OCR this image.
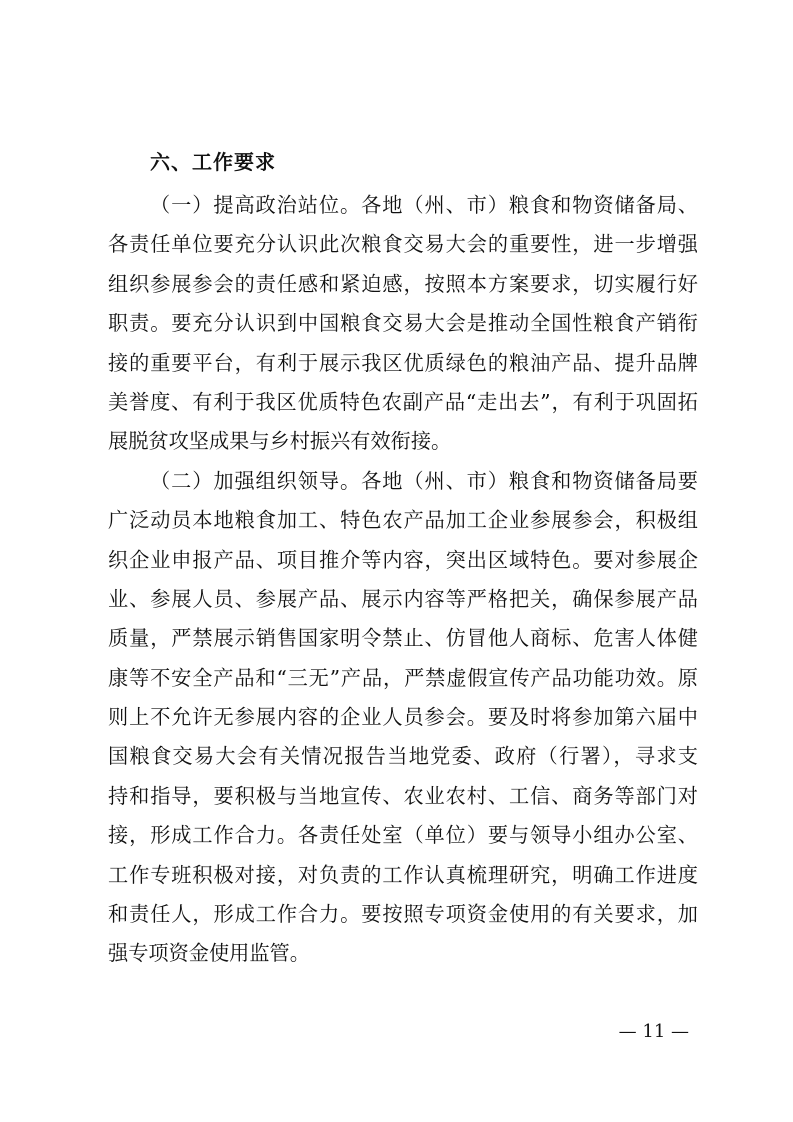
六、工作要求
（一）提高政治站位。各地（州、市）粮食和物资储备局、
各责任单位要充分认识此次粮食交易大会的重要性，进一步增强
组织参展参会的责任感和紧迫感，按照本方案要求，切实履行好
职责。要充分认识到中国粮食交易大会是推动全国性粮食产销衔
接的重要平台，有利于展示我区优质绿色的粮油产品、提升品牌
美誉度、有利于我区优质特色农副产品“走出去”，有利于巩固拓
展脱贫攻坚成果与乡村振兴有效衔接。
（二）加强组织领导。各地（州、市）粮食和物资储备局要
广泛动员本地粮食加工、特色农产品加工企业参展参会，积极组
织企业申报产品、项目推介等内容，突出区域特色。要对参展企
业、参展人员、参展产品、展示内容等严格把关，确保参展产品
质量，严禁展示销售国家明令禁止、仿冒他人商标、危害人体健
康等不安全产品和“三无”产品，严禁虚假宣传产品功能功效。原
则上不允许无参展内容的企业人员参会。要及时将参加第六届中
国粮食交易大会有关情况报告当地党委、政府（行署），寻求支
持和指导，要积极与当地宣传、农业农村、工信、商务等部门对
接，形成工作合力。各责任处室（单位）要与领导小组办公室、
工作专班积极对接，对负责的工作认真梳理研究，明确工作进度
和责任人，形成工作合力。要按照专项资金使用的有关要求，加
强专项资金使用监管。
— 11 —
